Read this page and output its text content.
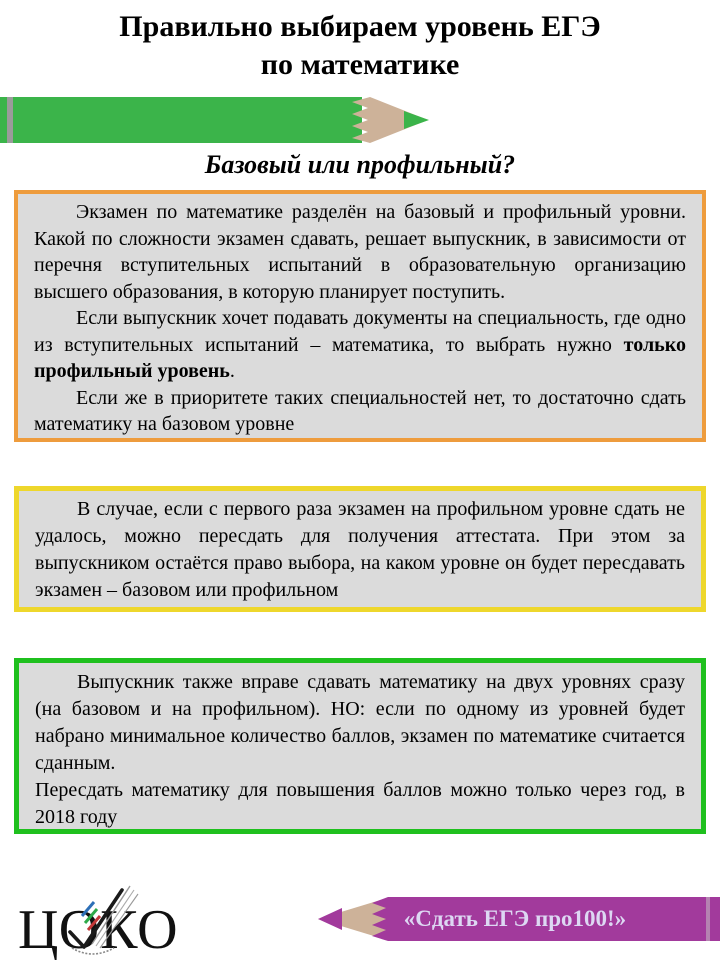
Правильно выбираем уровень ЕГЭ
по математике
Базовый или профильный?

Экзамен по математике разделён на базовый и профильный уровни. Какой по сложности экзамен сдавать, решает выпускник, в зависимости от перечня вступительных испытаний в образовательную организацию высшего образования, в которую планирует поступить.

Если выпускник хочет подавать документы на специальность, где одно из вступительных испытаний – математика, то выбрать нужно только профильный уровень.

Если же в приоритете таких специальностей нет, то достаточно сдать математику на базовом уровне

В случае, если с первого раза экзамен на профильном уровне сдать не удалось, можно пересдать для получения аттестата. При этом за выпускником остаётся право выбора, на каком уровне он будет пересдавать экзамен – базовом или профильном

Выпускник также вправе сдавать математику на двух уровнях сразу (на базовом и на профильном). НО: если по одному из уровней будет набрано минимальное количество баллов, экзамен по математике считается сданным.

Пересдать математику для повышения баллов можно только через год, в 2018 году

ЦОКО	«Сдать ЕГЭ про100!»
